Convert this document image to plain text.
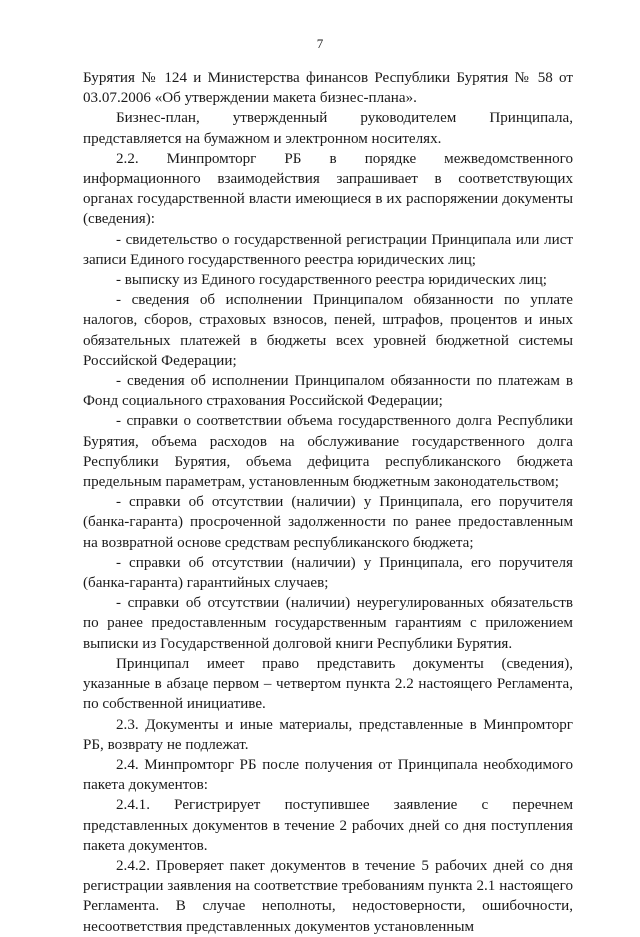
7

Бурятия № 124 и Министерства финансов Республики Бурятия № 58 от 03.07.2006 «Об утверждении макета бизнес-плана».

Бизнес-план, утвержденный руководителем Принципала, представляется на бумажном и электронном носителях.

2.2. Минпромторг РБ в порядке межведомственного информационного взаимодействия запрашивает в соответствующих органах государственной власти имеющиеся в их распоряжении документы (сведения):

- свидетельство о государственной регистрации Принципала или лист записи Единого государственного реестра юридических лиц;

- выписку из Единого государственного реестра юридических лиц;

- сведения об исполнении Принципалом обязанности по уплате налогов, сборов, страховых взносов, пеней, штрафов, процентов и иных обязательных платежей в бюджеты всех уровней бюджетной системы Российской Федерации;

- сведения об исполнении Принципалом обязанности по платежам в Фонд социального страхования Российской Федерации;

- справки о соответствии объема государственного долга Республики Бурятия, объема расходов на обслуживание государственного долга Республики Бурятия, объема дефицита республиканского бюджета предельным параметрам, установленным бюджетным законодательством;

- справки об отсутствии (наличии) у Принципала, его поручителя (банка-гаранта) просроченной задолженности по ранее предоставленным на возвратной основе средствам республиканского бюджета;

- справки об отсутствии (наличии) у Принципала, его поручителя (банка-гаранта) гарантийных случаев;

- справки об отсутствии (наличии) неурегулированных обязательств по ранее предоставленным государственным гарантиям с приложением выписки из Государственной долговой книги Республики Бурятия.

Принципал имеет право представить документы (сведения), указанные в абзаце первом – четвертом пункта 2.2 настоящего Регламента, по собственной инициативе.

2.3. Документы и иные материалы, представленные в Минпромторг РБ, возврату не подлежат.

2.4. Минпромторг РБ после получения от Принципала необходимого пакета документов:

2.4.1. Регистрирует поступившее заявление с перечнем представленных документов в течение 2 рабочих дней со дня поступления пакета документов.

2.4.2. Проверяет пакет документов в течение 5 рабочих дней со дня регистрации заявления на соответствие требованиям пункта 2.1 настоящего Регламента. В случае неполноты, недостоверности, ошибочности, несоответствия представленных документов установленным
